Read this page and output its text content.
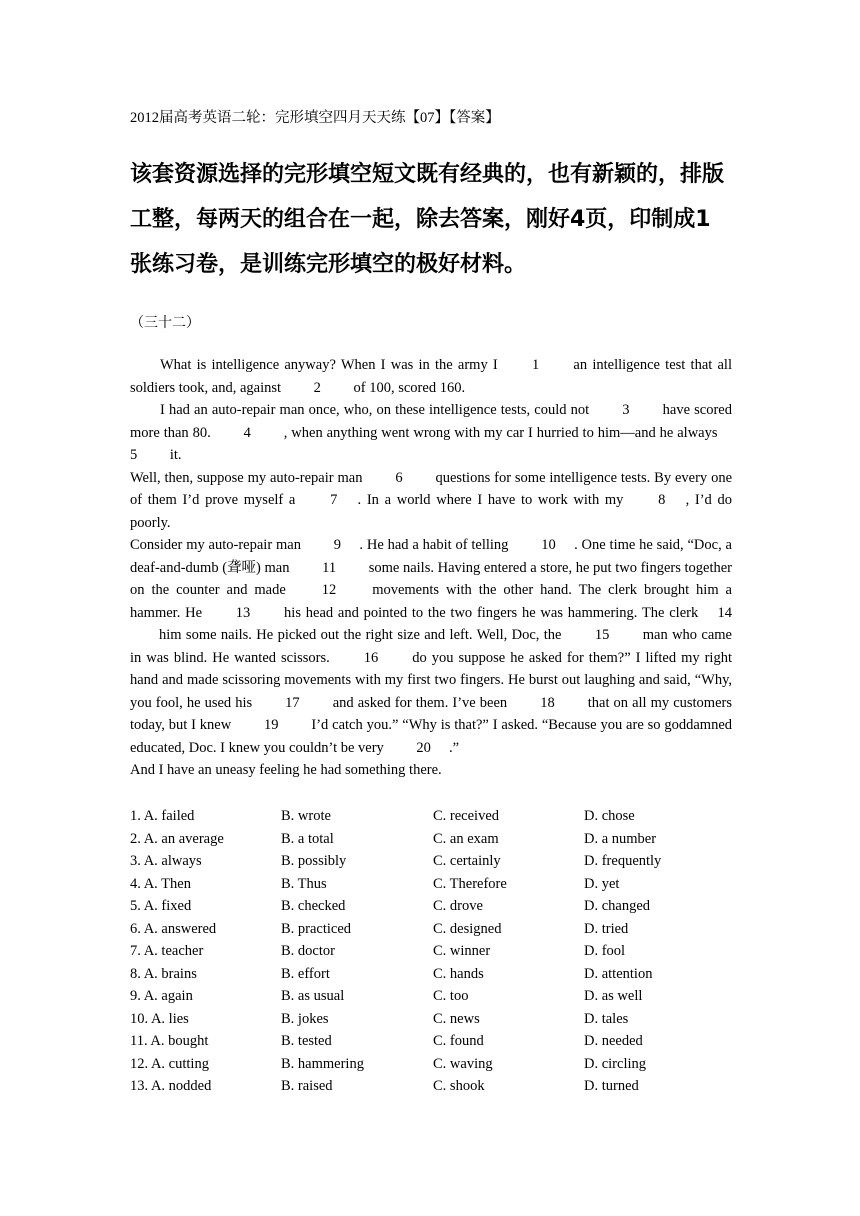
2012届高考英语二轮：完形填空四月天天练【07】【答案】
该套资源选择的完形填空短文既有经典的，也有新颖的，排版工整，每两天的组合在一起，除去答案，刚好4页，印制成1张练习卷，是训练完形填空的极好材料。
（三十二）

What is intelligence anyway? When I was in the army I   1   an intelligence test that all soldiers took, and, against   2   of 100, scored 160.

I had an auto-repair man once, who, on these intelligence tests, could not   3   have scored more than 80.   4   , when anything went wrong with my car I hurried to him—and he always  5   it.

Well, then, suppose my auto-repair man   6   questions for some intelligence tests. By every one of them I’d prove myself a   7  . In a world where I have to work with my   8  , I’d do poorly.

Consider my auto-repair man   9  . He had a habit of telling   10  . One time he said, “Doc, a deaf-and-dumb (聋哑) man   11   some nails. Having entered a store, he put two fingers together on the counter and made   12   movements with the other hand. The clerk brought him a hammer. He   13   his head and pointed to the two fingers he was hammering. The clerk  14   him some nails. He picked out the right size and left. Well, Doc, the   15   man who came in was blind. He wanted scissors.   16   do you suppose he asked for them?” I lifted my right hand and made scissoring movements with my first two fingers. He burst out laughing and said, “Why, you fool, he used his   17   and asked for them. I’ve been   18   that on all my customers today, but I knew   19   I’d catch you.” “Why is that?” I asked. “Because you are so goddamned educated, Doc. I knew you couldn’t be very   20  .”

And I have an uneasy feeling he had something there.

1. A. failed	B. wrote	C. received	D. chose
2. A. an average	B. a total	C. an exam	D. a number
3. A. always	B. possibly	C. certainly	D. frequently
4. A. Then	B. Thus	C. Therefore	D. yet
5. A. fixed	B. checked	C. drove	D. changed
6. A. answered	B. practiced	C. designed	D. tried
7. A. teacher	B. doctor	C. winner	D. fool
8. A. brains	B. effort	C. hands	D. attention
9. A. again	B. as usual	C. too	D. as well
10. A. lies	B. jokes	C. news	D. tales
11. A. bought	B. tested	C. found	D. needed
12. A. cutting	B. hammering	C. waving	D. circling
13. A. nodded	B. raised	C. shook	D. turned
